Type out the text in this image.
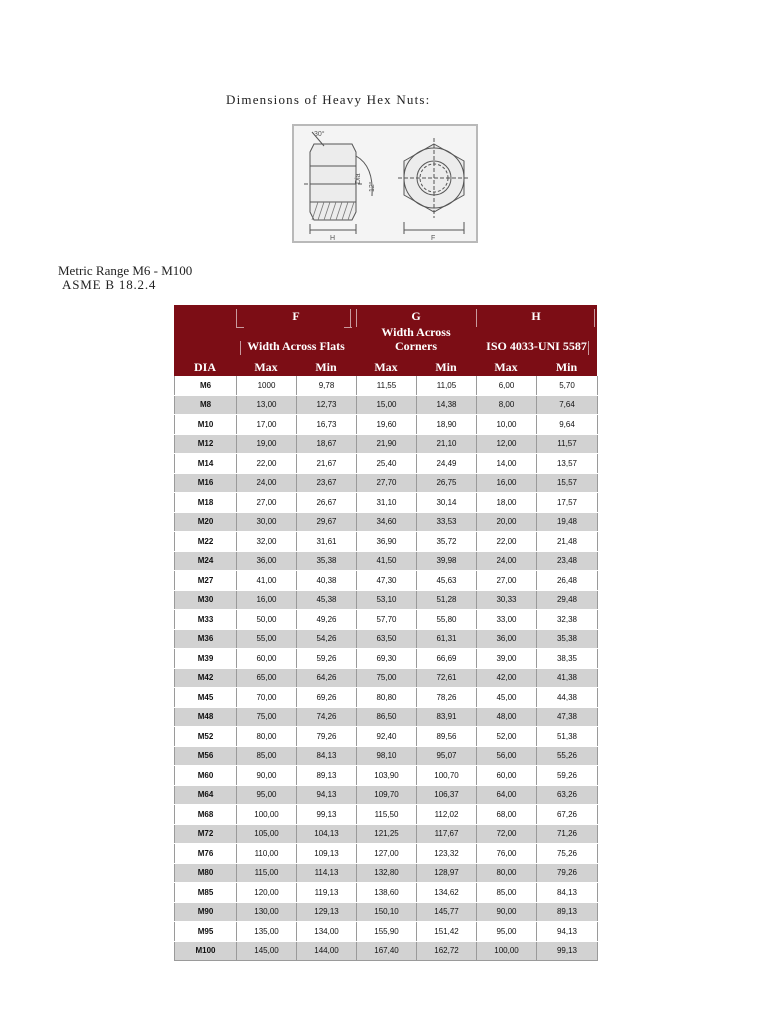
Dimensions of Heavy Hex Nuts:
30°
Dia
12°
H	F
Metric Range M6 - M100
ASME B 18.2.4
F	G	H
Width Across Flats
Width Across
Corners	ISO 4033-UNI 5587
DIA	Max	Min	Max	Min	Max	Min
M6	1000	9,78	11,55	11,05	6,00	5,70
M8	13,00	12,73	15,00	14,38	8,00	7,64
M10	17,00	16,73	19,60	18,90	10,00	9,64
M12	19,00	18,67	21,90	21,10	12,00	11,57
M14	22,00	21,67	25,40	24,49	14,00	13,57
M16	24,00	23,67	27,70	26,75	16,00	15,57
M18	27,00	26,67	31,10	30,14	18,00	17,57
M20	30,00	29,67	34,60	33,53	20,00	19,48
M22	32,00	31,61	36,90	35,72	22,00	21,48
M24	36,00	35,38	41,50	39,98	24,00	23,48
M27	41,00	40,38	47,30	45,63	27,00	26,48
M30	16,00	45,38	53,10	51,28	30,33	29,48
M33	50,00	49,26	57,70	55,80	33,00	32,38
M36	55,00	54,26	63,50	61,31	36,00	35,38
M39	60,00	59,26	69,30	66,69	39,00	38,35
M42	65,00	64,26	75,00	72,61	42,00	41,38
M45	70,00	69,26	80,80	78,26	45,00	44,38
M48	75,00	74,26	86,50	83,91	48,00	47,38
M52	80,00	79,26	92,40	89,56	52,00	51,38
M56	85,00	84,13	98,10	95,07	56,00	55,26
M60	90,00	89,13	103,90	100,70	60,00	59,26
M64	95,00	94,13	109,70	106,37	64,00	63,26
M68	100,00	99,13	115,50	112,02	68,00	67,26
M72	105,00	104,13	121,25	117,67	72,00	71,26
M76	110,00	109,13	127,00	123,32	76,00	75,26
M80	115,00	114,13	132,80	128,97	80,00	79,26
M85	120,00	119,13	138,60	134,62	85,00	84,13
M90	130,00	129,13	150,10	145,77	90,00	89,13
M95	135,00	134,00	155,90	151,42	95,00	94,13
M100	145,00	144,00	167,40	162,72	100,00	99,13
